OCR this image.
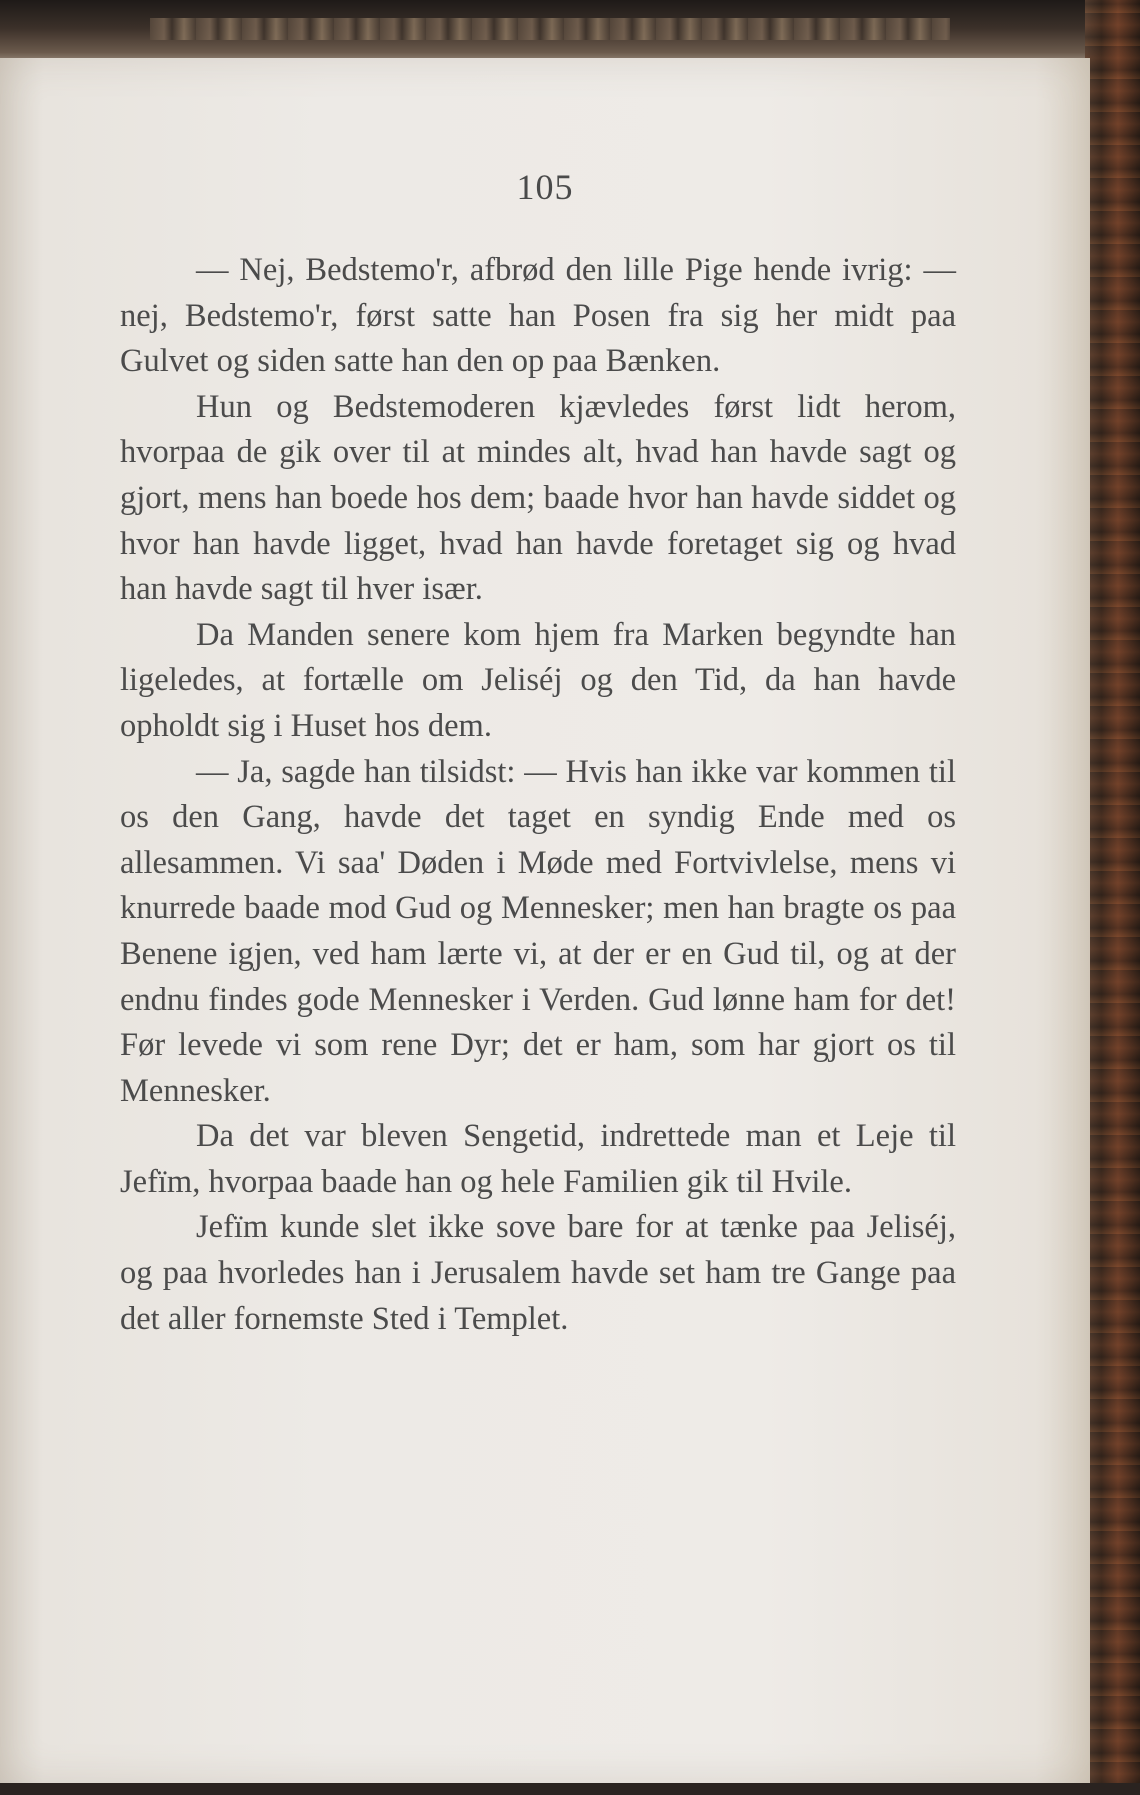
105

— Nej, Bedstemo'r, afbrød den lille Pige hende ivrig: — nej, Bedstemo'r, først satte han Posen fra sig her midt paa Gulvet og siden satte han den op paa Bænken.

Hun og Bedstemoderen kjævledes først lidt herom, hvorpaa de gik over til at mindes alt, hvad han havde sagt og gjort, mens han boede hos dem; baade hvor han havde siddet og hvor han havde ligget, hvad han havde foretaget sig og hvad han havde sagt til hver især.

Da Manden senere kom hjem fra Marken begyndte han ligeledes, at fortælle om Jeliséj og den Tid, da han havde opholdt sig i Huset hos dem.

— Ja, sagde han tilsidst: — Hvis han ikke var kommen til os den Gang, havde det taget en syndig Ende med os allesammen. Vi saa' Døden i Møde med Fortvivlelse, mens vi knurrede baade mod Gud og Mennesker; men han bragte os paa Benene igjen, ved ham lærte vi, at der er en Gud til, og at der endnu findes gode Mennesker i Verden. Gud lønne ham for det! Før levede vi som rene Dyr; det er ham, som har gjort os til Mennesker.

Da det var bleven Sengetid, indrettede man et Leje til Jefïm, hvorpaa baade han og hele Familien gik til Hvile.

Jefïm kunde slet ikke sove bare for at tænke paa Jeliséj, og paa hvorledes han i Jerusalem havde set ham tre Gange paa det aller fornemste Sted i Templet.
